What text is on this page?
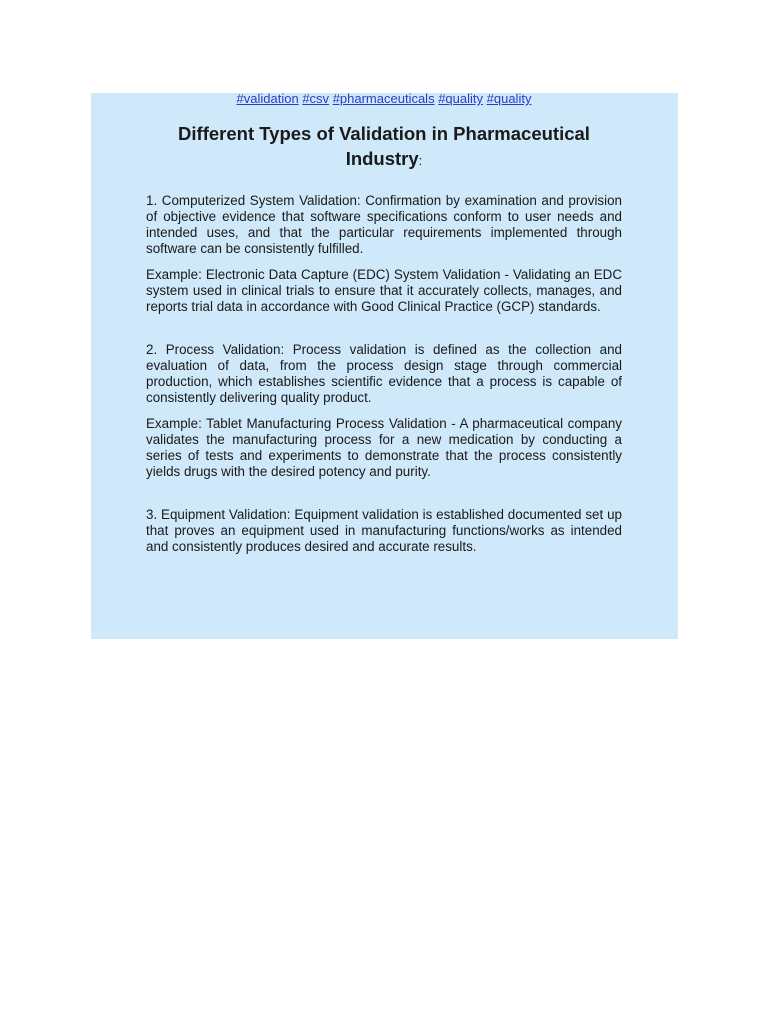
#validation #csv #pharmaceuticals #quality #quality
Different Types of Validation in Pharmaceutical Industry:

1. Computerized System Validation: Confirmation by examination and provision of objective evidence that software specifications conform to user needs and intended uses, and that the particular requirements implemented through software can be consistently fulfilled.

Example: Electronic Data Capture (EDC) System Validation - Validating an EDC system used in clinical trials to ensure that it accurately collects, manages, and reports trial data in accordance with Good Clinical Practice (GCP) standards.

2. Process Validation: Process validation is defined as the collection and evaluation of data, from the process design stage through commercial production, which establishes scientific evidence that a process is capable of consistently delivering quality product.

Example: Tablet Manufacturing Process Validation - A pharmaceutical company validates the manufacturing process for a new medication by conducting a series of tests and experiments to demonstrate that the process consistently yields drugs with the desired potency and purity.

3. Equipment Validation: Equipment validation is established documented set up that proves an equipment used in manufacturing functions/works as intended and consistently produces desired and accurate results.
